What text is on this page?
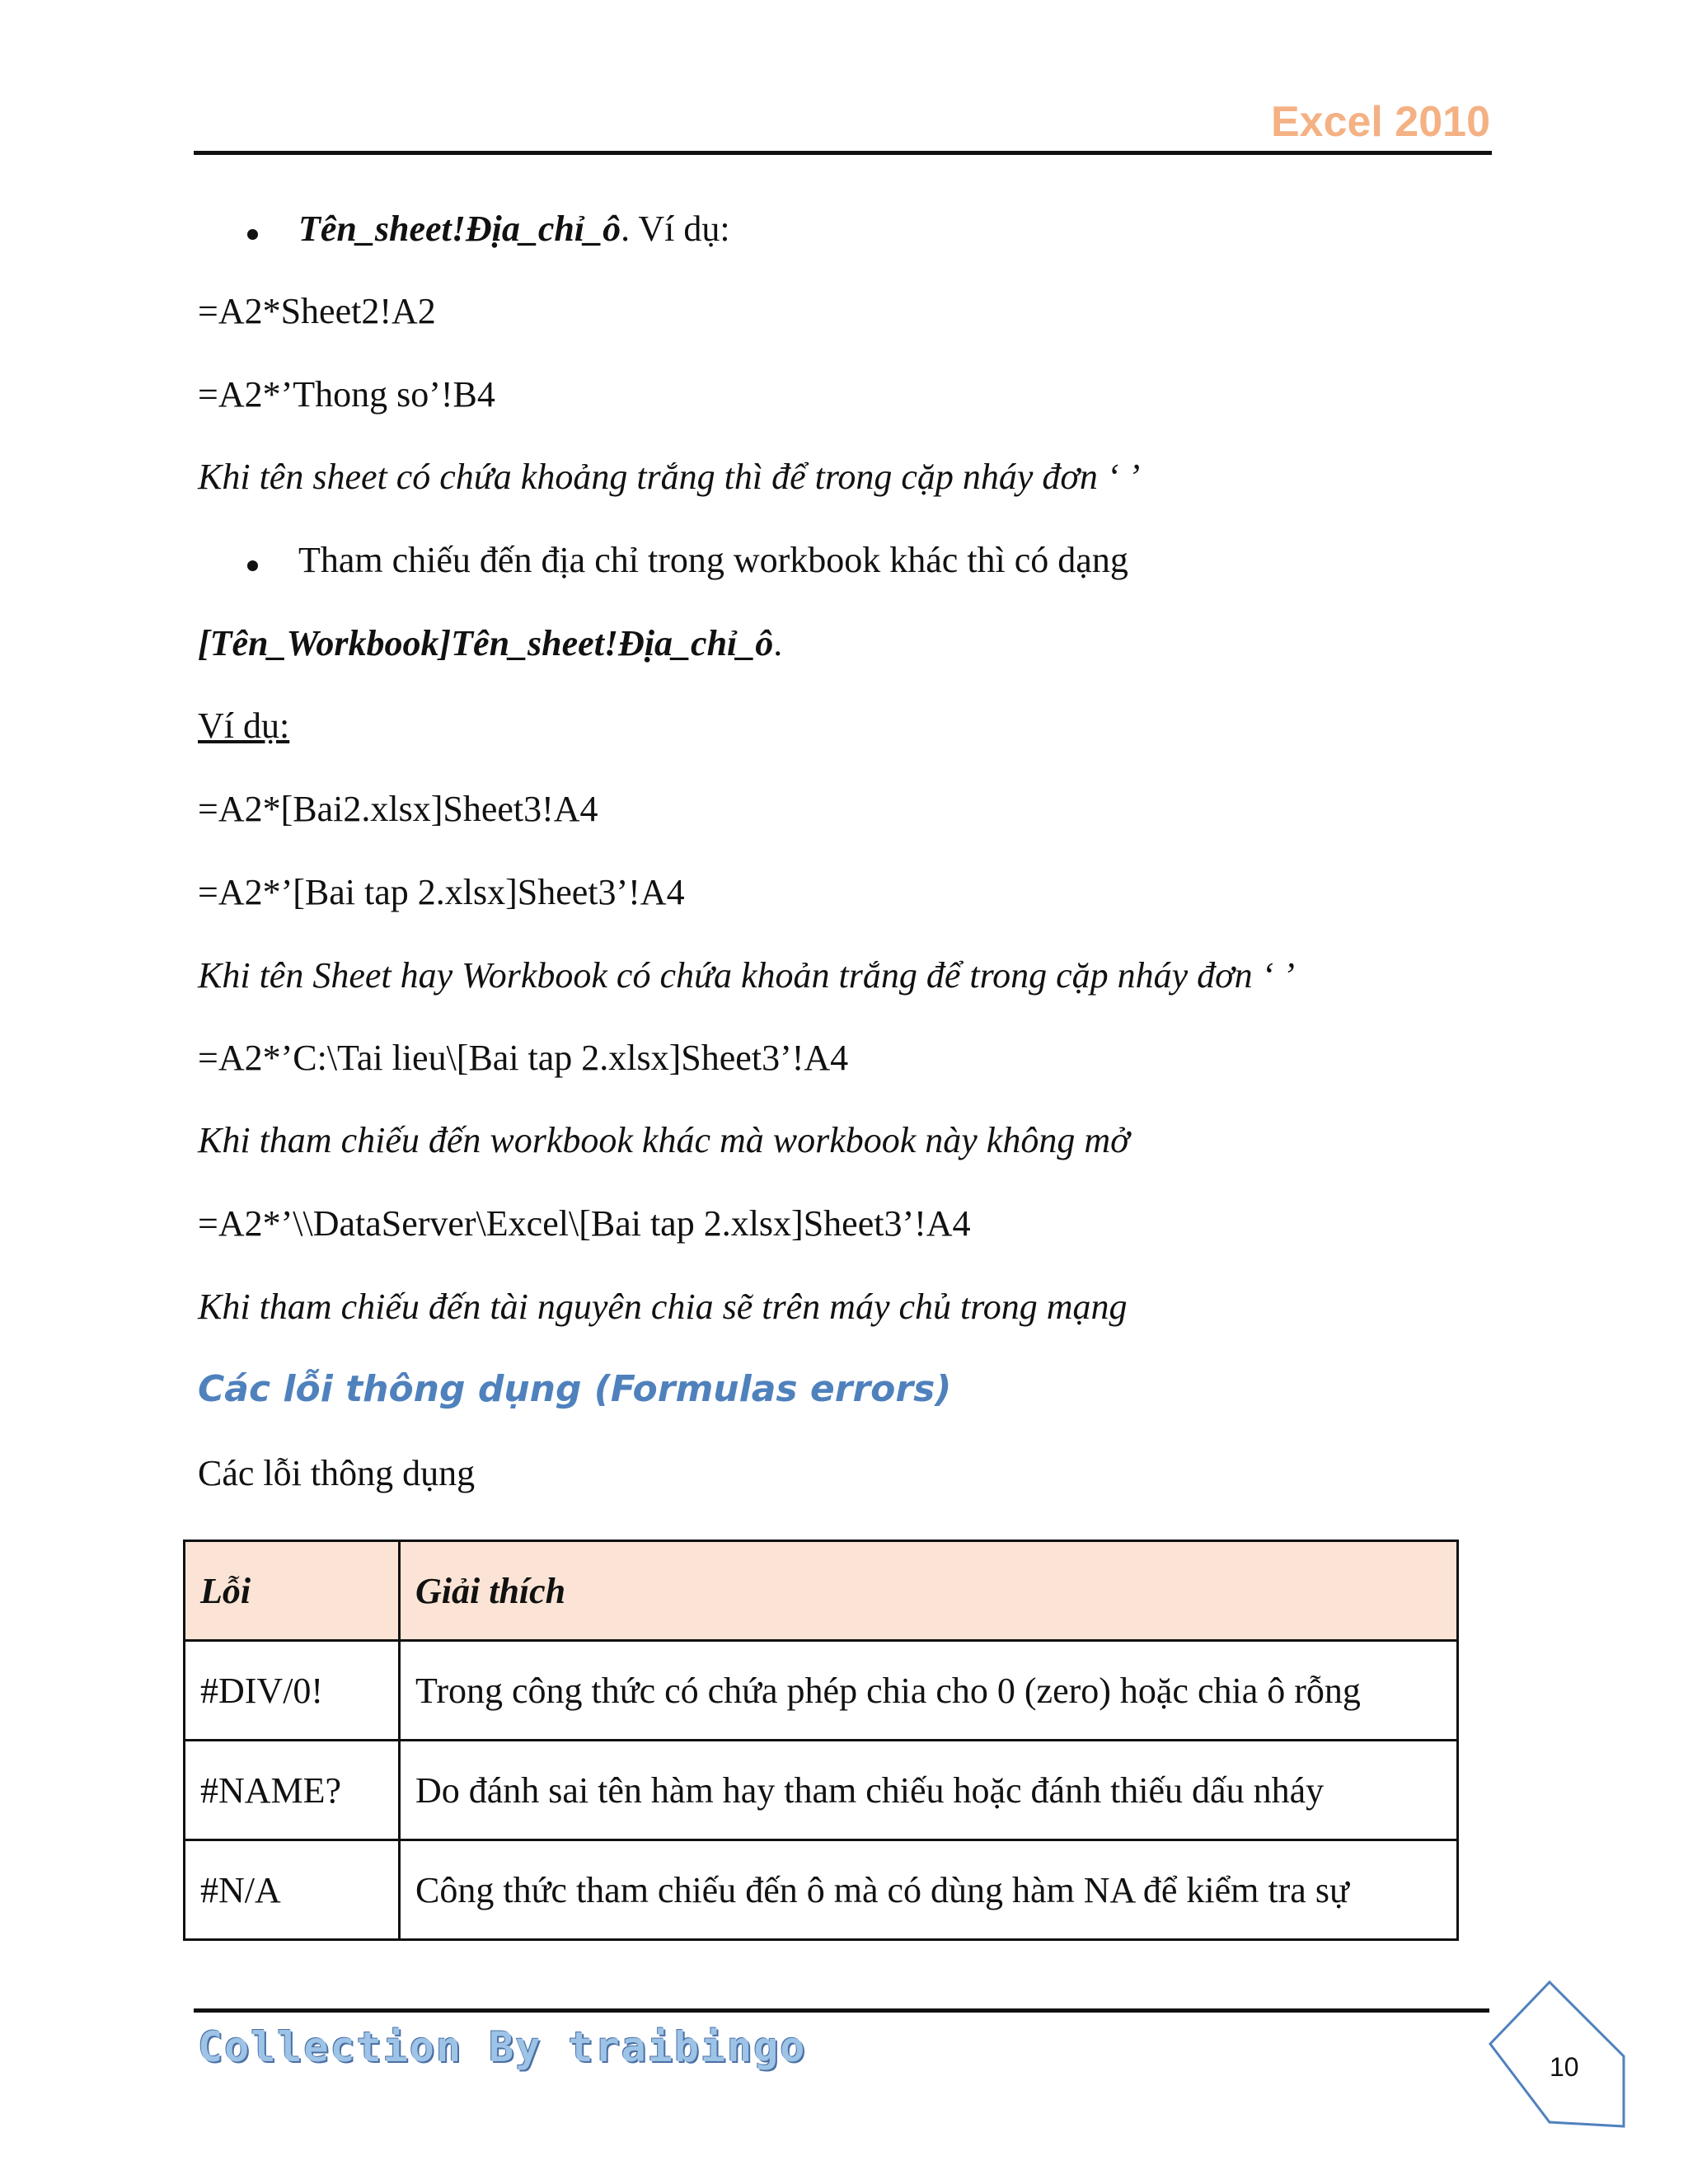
Excel 2010
Tên_sheet!Địa_chỉ_ô. Ví dụ:
=A2*Sheet2!A2
=A2*’Thong so’!B4
Khi tên sheet có chứa khoảng trắng thì để trong cặp nháy đơn ‘ ’
Tham chiếu đến địa chỉ trong workbook khác thì có dạng
[Tên_Workbook]Tên_sheet!Địa_chỉ_ô.
Ví dụ:
=A2*[Bai2.xlsx]Sheet3!A4
=A2*’[Bai tap 2.xlsx]Sheet3’!A4
Khi tên Sheet hay Workbook có chứa khoản trắng để trong cặp nháy đơn ‘ ’
=A2*’C:\Tai lieu\[Bai tap 2.xlsx]Sheet3’!A4
Khi tham chiếu đến workbook khác mà workbook này không mở
=A2*’\\DataServer\Excel\[Bai tap 2.xlsx]Sheet3’!A4
Khi tham chiếu đến tài nguyên chia sẽ trên máy chủ trong mạng
Các lỗi thông dụng (Formulas errors)
Các lỗi thông dụng
Lỗi	Giải thích
#DIV/0!	Trong công thức có chứa phép chia cho 0 (zero) hoặc chia ô rỗng
#NAME?	Do đánh sai tên hàm hay tham chiếu hoặc đánh thiếu dấu nháy
#N/A	Công thức tham chiếu đến ô mà có dùng hàm NA để kiểm tra sự
Collection By traibingo	10
